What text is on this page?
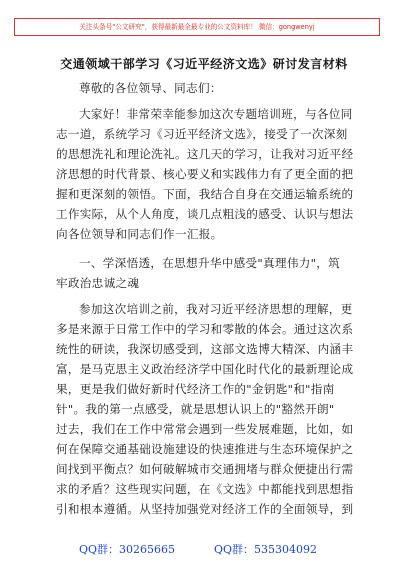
关注头条号"公文研究"，获得最新最全最专业的公文资料库！ 微信：gongwenyj
交通领域干部学习《习近平经济文选》研讨发言材料
尊敬的各位领导、同志们：
大家好！非常荣幸能参加这次专题培训班，与各位同
志一道，系统学习《习近平经济文选》，接受了一次深刻
的思想洗礼和理论洗礼。这几天的学习，让我对习近平经
济思想的时代背景、核心要义和实践伟力有了更全面的把
握和更深刻的领悟。下面，我结合自身在交通运输系统的
工作实际，从个人角度，谈几点粗浅的感受、认识与想法
向各位领导和同志们作一汇报。
一、学深悟透，在思想升华中感受"真理伟力"，筑
牢政治忠诚之魂
参加这次培训之前，我对习近平经济思想的理解，更
多是来源于日常工作中的学习和零散的体会。通过这次系
统性的研读，我深切感受到，这部文选博大精深、内涵丰
富，是马克思主义政治经济学中国化时代化的最新理论成
果，更是我们做好新时代经济工作的"金钥匙"和"指南
针"。我的第一点感受，就是思想认识上的"豁然开朗"
过去，我们在工作中常常会遇到一些发展难题，比如，如
何在保障交通基础设施建设的快速推进与生态环境保护之
间找到平衡点？如何破解城市交通拥堵与群众便捷出行需
求的矛盾？这些现实问题，在《文选》中都能找到思想指
引和根本遵循。从坚持加强党对经济工作的全面领导，到
QQ群：30265665	QQ群：535304092
